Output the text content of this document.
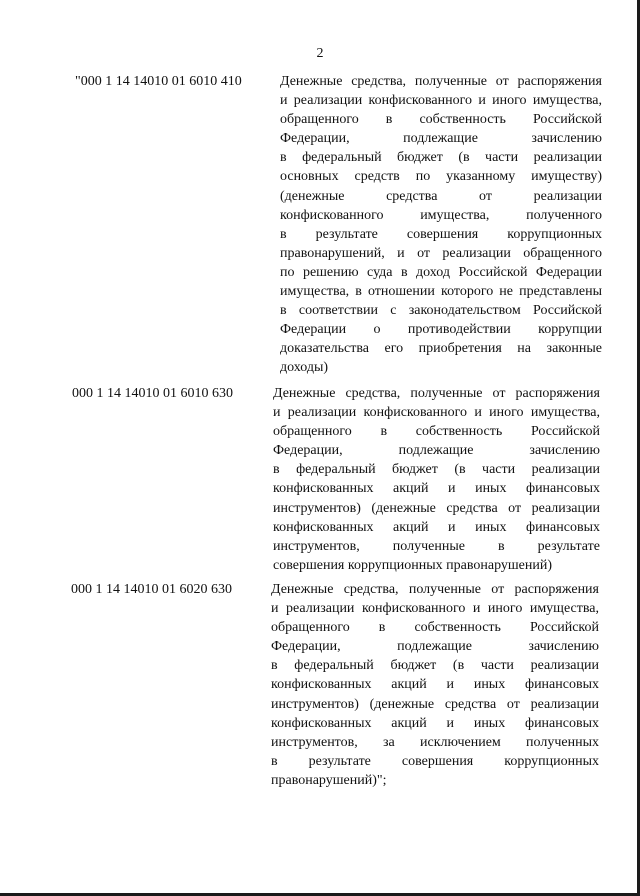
2
"000 1 14 14010 01 6010 410	Денежные средства, полученные от распоряжения
и реализации конфискованного и иного имущества,
обращенного в собственность Российской
Федерации, подлежащие зачислению
в федеральный бюджет (в части реализации
основных средств по указанному имуществу)
(денежные средства от реализации
конфискованного имущества, полученного
в результате совершения коррупционных
правонарушений, и от реализации обращенного
по решению суда в доход Российской Федерации
имущества, в отношении которого не представлены
в соответствии с законодательством Российской
Федерации о противодействии коррупции
доказательства его приобретения на законные
доходы)
000 1 14 14010 01 6010 630	Денежные средства, полученные от распоряжения
и реализации конфискованного и иного имущества,
обращенного в собственность Российской
Федерации, подлежащие зачислению
в федеральный бюджет (в части реализации
конфискованных акций и иных финансовых
инструментов) (денежные средства от реализации
конфискованных акций и иных финансовых
инструментов, полученные в результате
совершения коррупционных правонарушений)
000 1 14 14010 01 6020 630	Денежные средства, полученные от распоряжения
и реализации конфискованного и иного имущества,
обращенного в собственность Российской
Федерации, подлежащие зачислению
в федеральный бюджет (в части реализации
конфискованных акций и иных финансовых
инструментов) (денежные средства от реализации
конфискованных акций и иных финансовых
инструментов, за исключением полученных
в результате совершения коррупционных
правонарушений)";
